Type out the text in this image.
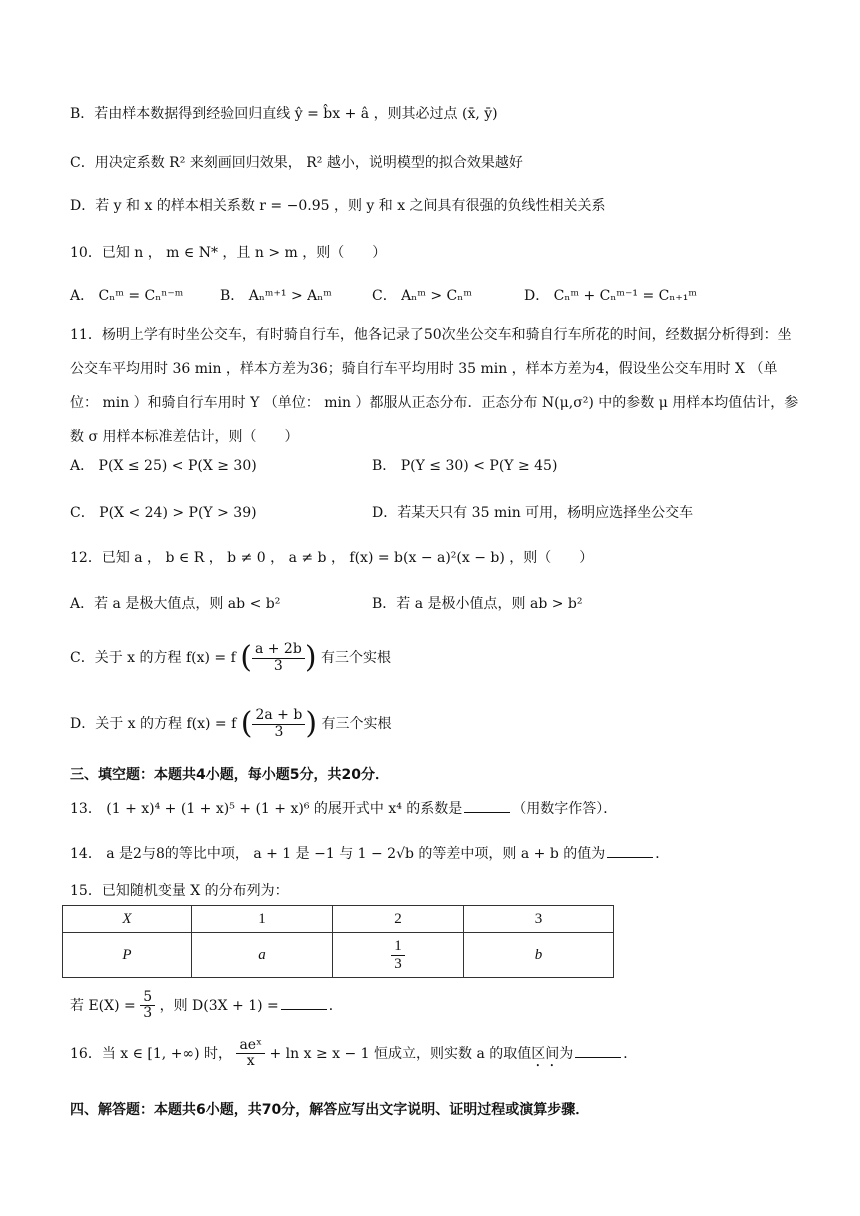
B．若由样本数据得到经验回归直线 ŷ = b̂x + â ，则其必过点 (x̄, ȳ)
C．用决定系数 R² 来刻画回归效果， R² 越小，说明模型的拟合效果越好
D．若 y 和 x 的样本相关系数 r = −0.95 ，则 y 和 x 之间具有很强的负线性相关关系
10．已知 n ， m ∈ N* ，且 n > m ，则（　　）
A． Cₙᵐ = Cₙⁿ⁻ᵐ	B． Aₙᵐ⁺¹ > Aₙᵐ	C． Aₙᵐ > Cₙᵐ	D． Cₙᵐ + Cₙᵐ⁻¹ = Cₙ₊₁ᵐ
11．杨明上学有时坐公交车，有时骑自行车，他各记录了50次坐公交车和骑自行车所花的时间，经数据分析得到：坐公交车平均用时 36 min ，样本方差为36；骑自行车平均用时 35 min ，样本方差为4，假设坐公交车用时 X （单位： min ）和骑自行车用时 Y （单位： min ）都服从正态分布．正态分布 N(μ,σ²) 中的参数 μ 用样本均值估计，参数 σ 用样本标准差估计，则（　　）
A． P(X ≤ 25) < P(X ≥ 30)	B． P(Y ≤ 30) < P(Y ≥ 45)
C． P(X < 24) > P(Y > 39)	D．若某天只有 35 min 可用，杨明应选择坐公交车
12．已知 a ， b ∈ R ， b ≠ 0 ， a ≠ b ， f(x) = b(x − a)²(x − b) ，则（　　）
A．若 a 是极大值点，则 ab < b²	B．若 a 是极小值点，则 ab > b²
C．关于 x 的方程 f(x) = f ( $\frac{a + 2b}{3}$ ) 有三个实根
D．关于 x 的方程 f(x) = f ( $\frac{2a + b}{3}$ ) 有三个实根
三、填空题：本题共4小题，每小题5分，共20分．
13． (1 + x)⁴ + (1 + x)⁵ + (1 + x)⁶ 的展开式中 x⁴ 的系数是	（用数字作答）．
14． a 是2与8的等比中项， a + 1 是 −1 与 1 − 2√b 的等差中项，则 a + b 的值为	．
15．已知随机变量 X 的分布列为：
X	1	2	3
P	a	$\frac{1}{3}$	b
若 $E(X) = \frac{5}{3}$ ，则 D(3X + 1) =	．
16．当 x ∈ [1, +∞) 时， $\frac{\text{aeˣ}}{x} + \ln x \ge x - 1$ 恒成立，则实数 a 的取值区间为	．
四、解答题：本题共6小题，共70分，解答应写出文字说明、证明过程或演算步骤．
